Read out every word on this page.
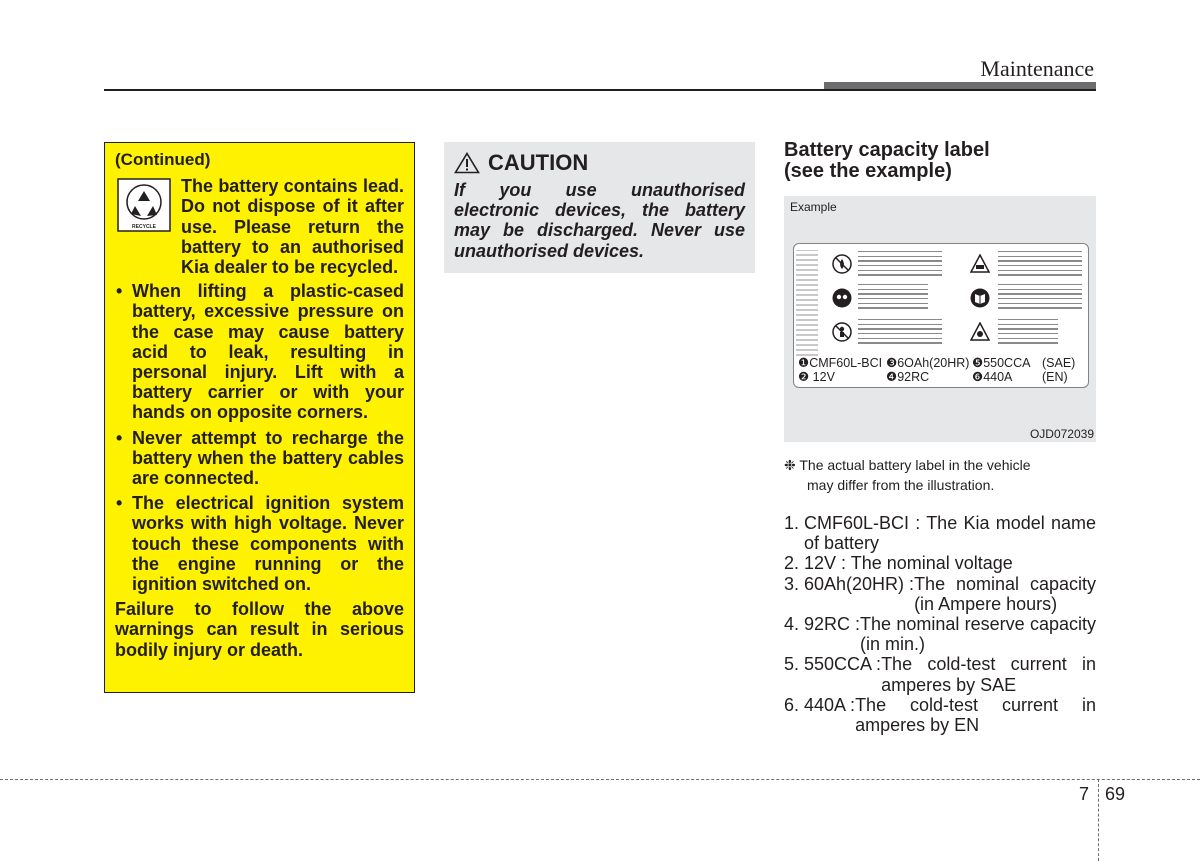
Maintenance
(Continued)
RECYCLE
The battery contains lead. Do not dispose of it after use. Please return the battery to an authorised Kia dealer to be recycled.
• When lifting a plastic-cased battery, excessive pressure on the case may cause battery acid to leak, resulting in personal injury. Lift with a battery carrier or with your hands on opposite corners.
• Never attempt to recharge the battery when the battery cables are connected.
• The electrical ignition system works with high voltage. Never touch these components with the engine running or the ignition switched on.
Failure to follow the above warnings can result in serious bodily injury or death.
CAUTION
If you use unauthorised electronic devices, the battery may be discharged. Never use unauthorised devices.
Battery capacity label
(see the example)
Example
❶CMF60L-BCI ❸6OAh(20HR) ❺550CCA (SAE)
❷ 12V	❹92RC	❻440A	(EN)
OJD072039
❉ The actual battery label in the vehicle
may differ from the illustration.
1. CMF60L-BCI : The Kia model name of battery
2. 12V : The nominal voltage
3. 60Ah(20HR) : The nominal capacity (in Ampere hours)
4. 92RC : The nominal reserve capacity (in min.)
5. 550CCA : The cold-test current in amperes by SAE
6. 440A : The cold-test current in amperes by EN
7 69
